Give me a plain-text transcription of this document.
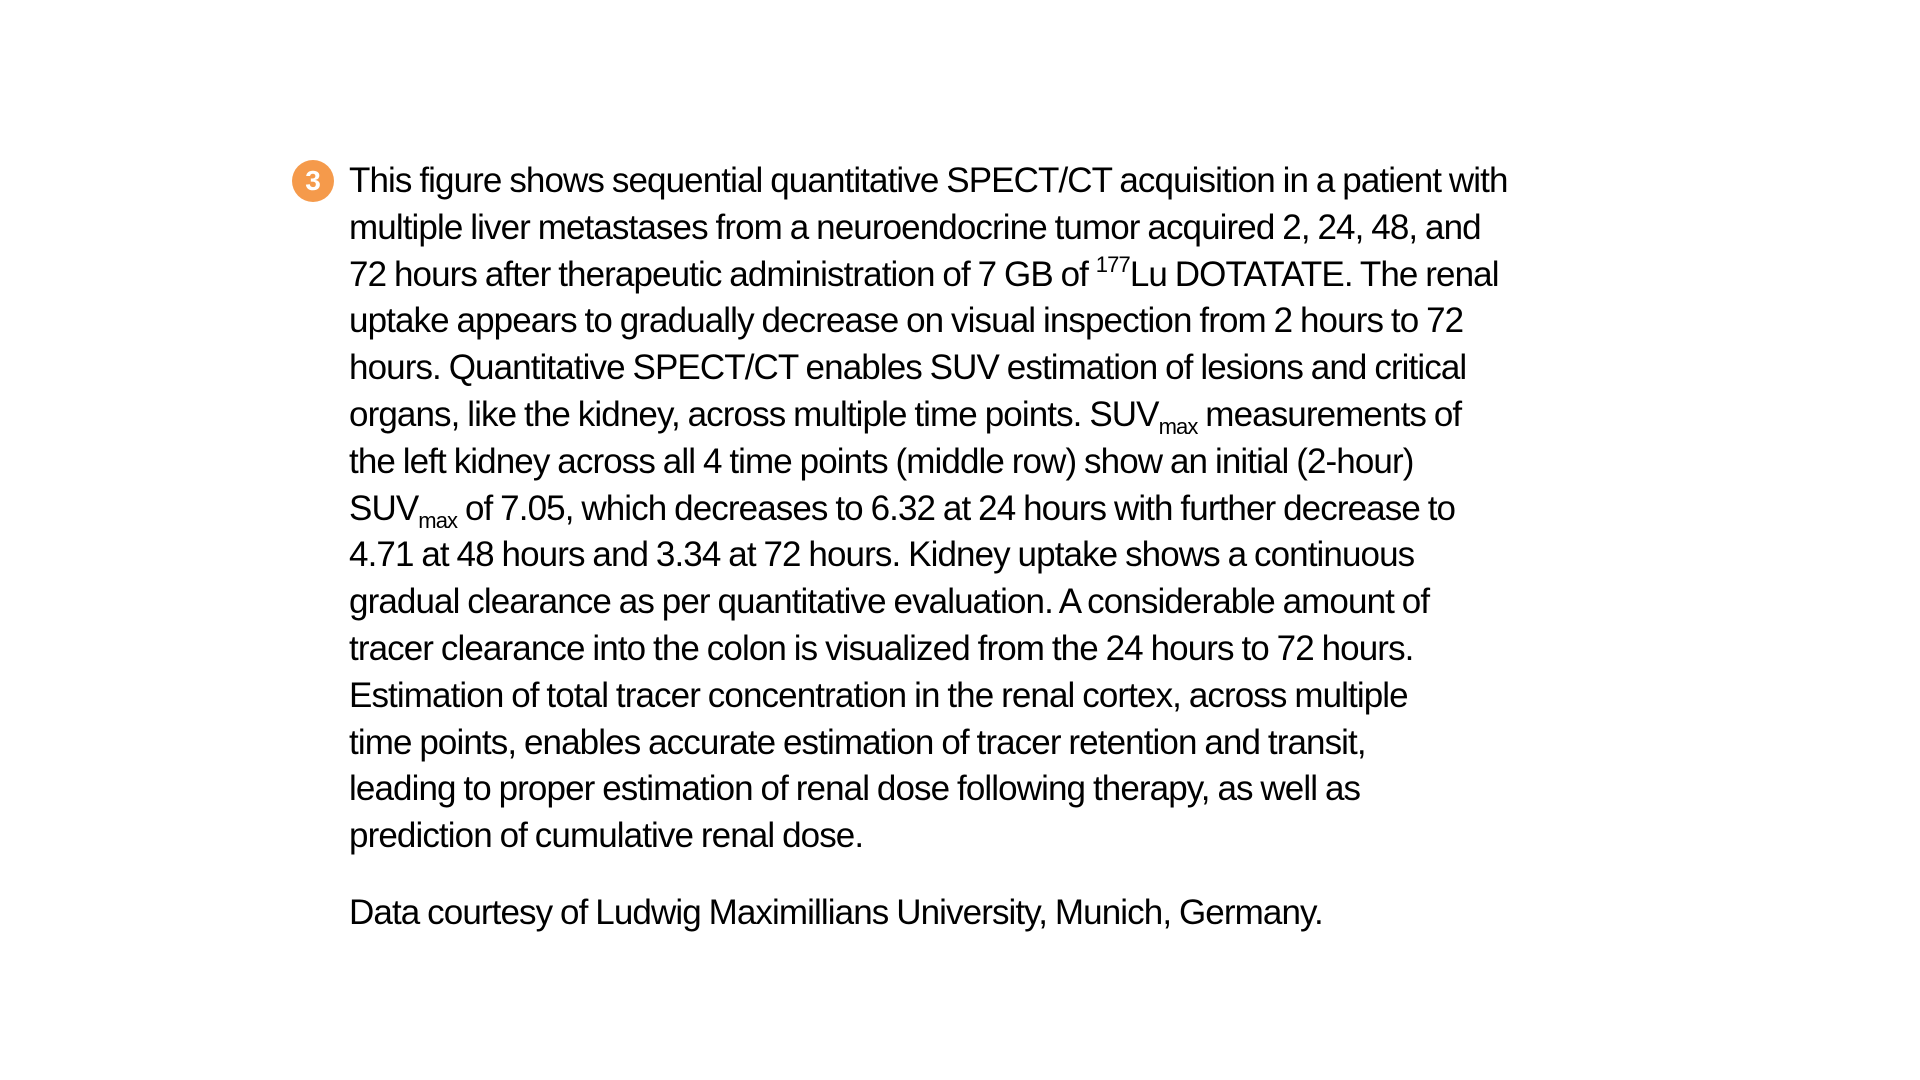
3 This figure shows sequential quantitative SPECT/CT acquisition in a patient with
multiple liver metastases from a neuroendocrine tumor acquired 2, 24, 48, and
72 hours after therapeutic administration of 7 GB of $^{177}$Lu DOTATATE. The renal
uptake appears to gradually decrease on visual inspection from 2 hours to 72
hours. Quantitative SPECT/CT enables SUV estimation of lesions and critical
organs, like the kidney, across multiple time points. $SUV_{max}$ measurements of
the left kidney across all 4 time points (middle row) show an initial (2-hour)
$SUV_{max}$ of 7.05, which decreases to 6.32 at 24 hours with further decrease to
4.71 at 48 hours and 3.34 at 72 hours. Kidney uptake shows a continuous
gradual clearance as per quantitative evaluation. A considerable amount of
tracer clearance into the colon is visualized from the 24 hours to 72 hours.
Estimation of total tracer concentration in the renal cortex, across multiple
time points, enables accurate estimation of tracer retention and transit,
leading to proper estimation of renal dose following therapy, as well as
prediction of cumulative renal dose.
Data courtesy of Ludwig Maximillians University, Munich, Germany.
